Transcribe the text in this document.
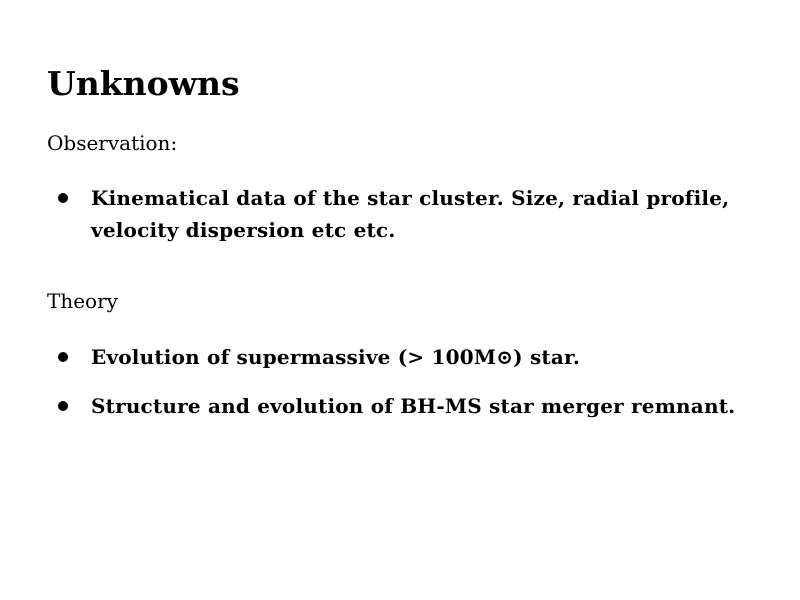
Unknowns

Observation:

Kinematical data of the star cluster. Size, radial profile, velocity dispersion etc etc.

Theory

Evolution of supermassive (> 100M⊙) star.
Structure and evolution of BH-MS star merger remnant.
